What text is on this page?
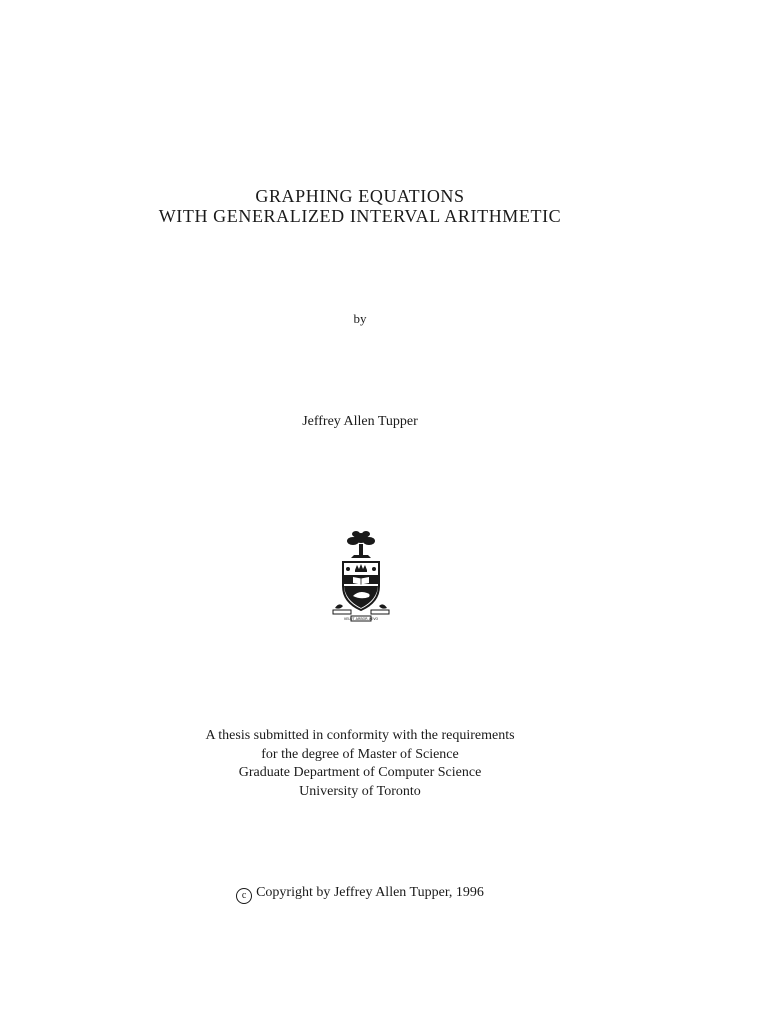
GRAPHING EQUATIONS
WITH GENERALIZED INTERVAL ARITHMETIC
by
Jeffrey Allen Tupper
VELUT ARBOR AEVO
A thesis submitted in conformity with the requirements
for the degree of Master of Science
Graduate Department of Computer Science
University of Toronto
c Copyright by Jeffrey Allen Tupper, 1996
